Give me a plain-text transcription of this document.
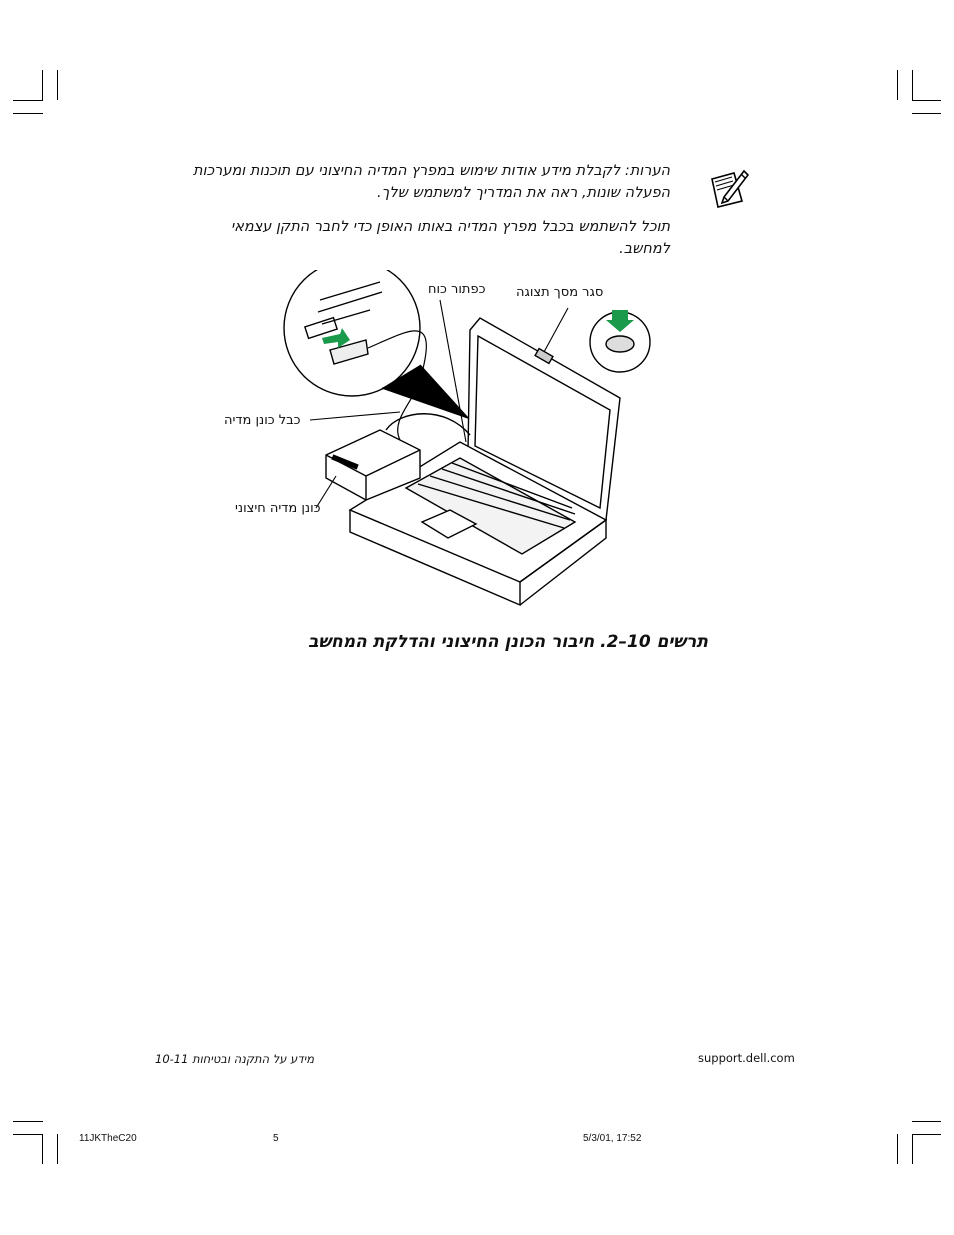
הערות: לקבלת מידע אודות שימוש במפרץ המדיה החיצוני עם תוכנות ומערכות הפעלה שונות, ראה את המדריך למשתמש שלך.

תוכל להשתמש בכבל מפרץ המדיה באותו האופן כדי לחבר התקן עצמאי למחשב.

סגר מסך תצוגה
כפתור כוח
כבל כונן מדיה
כונן מדיה חיצוני
תרשים 10–2. חיבור הכונן החיצוני והדלקת המחשב
support.dell.com
מידע על התקנה ובטיחות 10-11
11JKTheC20	5	5/3/01, 17:52
